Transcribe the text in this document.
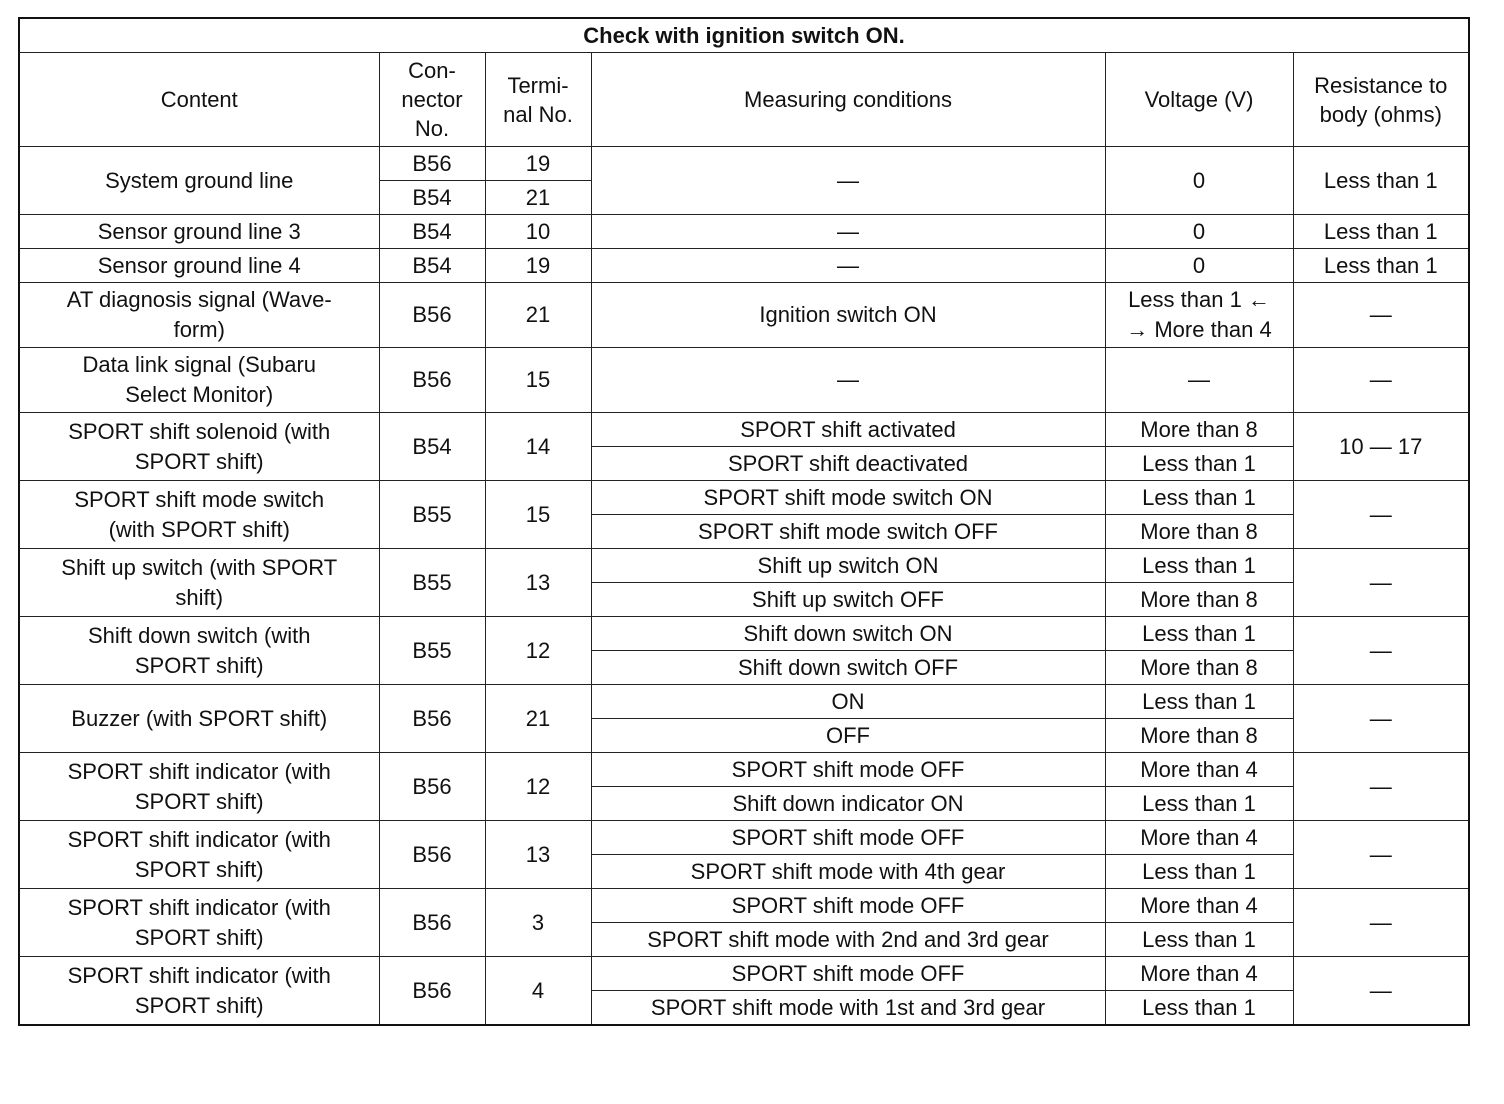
Check with ignition switch ON.					
Content	Con-
nector
No.	Termi-
nal No.	Measuring conditions	Voltage (V)	Resistance to
body (ohms)
System ground line	B56	19	—	0	Less than 1
	B54	21			
Sensor ground line 3	B54	10	—	0	Less than 1
Sensor ground line 4	B54	19	—	0	Less than 1
AT diagnosis signal (Wave-
form)	B56	21	Ignition switch ON	Less than 1 ←
→ More than 4	—
Data link signal (Subaru
Select Monitor)	B56	15	—	—	—
SPORT shift solenoid (with
SPORT shift)	B54	14	SPORT shift activated	More than 8	10 — 17
			SPORT shift deactivated	Less than 1	
SPORT shift mode switch
(with SPORT shift)	B55	15	SPORT shift mode switch ON	Less than 1	—
			SPORT shift mode switch OFF	More than 8	
Shift up switch (with SPORT
shift)	B55	13	Shift up switch ON	Less than 1	—
			Shift up switch OFF	More than 8	
Shift down switch (with
SPORT shift)	B55	12	Shift down switch ON	Less than 1	—
			Shift down switch OFF	More than 8	
Buzzer (with SPORT shift)	B56	21	ON	Less than 1	—
			OFF	More than 8	
SPORT shift indicator (with
SPORT shift)	B56	12	SPORT shift mode OFF	More than 4	—
			Shift down indicator ON	Less than 1	
SPORT shift indicator (with
SPORT shift)	B56	13	SPORT shift mode OFF	More than 4	—
			SPORT shift mode with 4th gear	Less than 1	
SPORT shift indicator (with
SPORT shift)	B56	3	SPORT shift mode OFF	More than 4	—
			SPORT shift mode with 2nd and 3rd gear	Less than 1	
SPORT shift indicator (with
SPORT shift)	B56	4	SPORT shift mode OFF	More than 4	—
			SPORT shift mode with 1st and 3rd gear	Less than 1	
